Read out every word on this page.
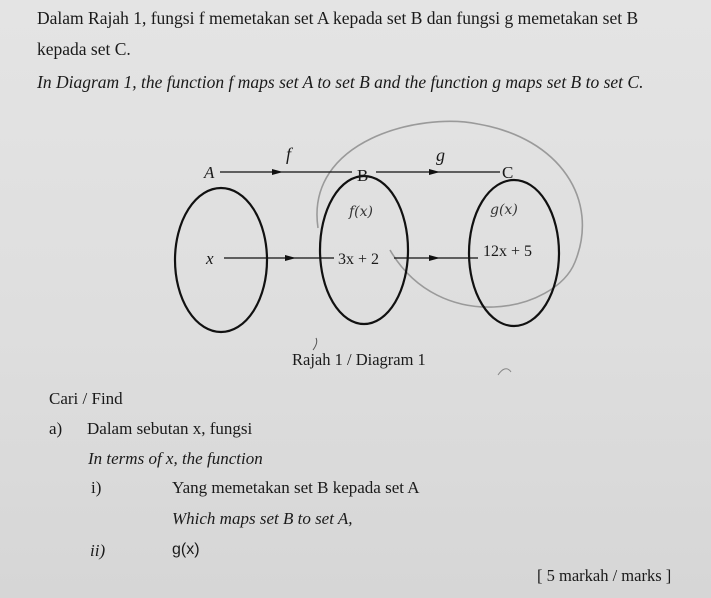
Dalam Rajah 1, fungsi f memetakan set A kepada set B dan fungsi g memetakan set B
kepada set C.
In Diagram 1, the function f maps set A to set B and the function g maps set B to set C.
A	B	C
f	g
x	3x + 2	12x + 5
f(x)	g(x)
Rajah 1 / Diagram 1
Cari / Find
a) Dalam sebutan x, fungsi
In terms of x, the function
i)	Yang memetakan set B kepada set A
Which maps set B to set A,
ii)	g(x)
[ 5 markah / marks ]
